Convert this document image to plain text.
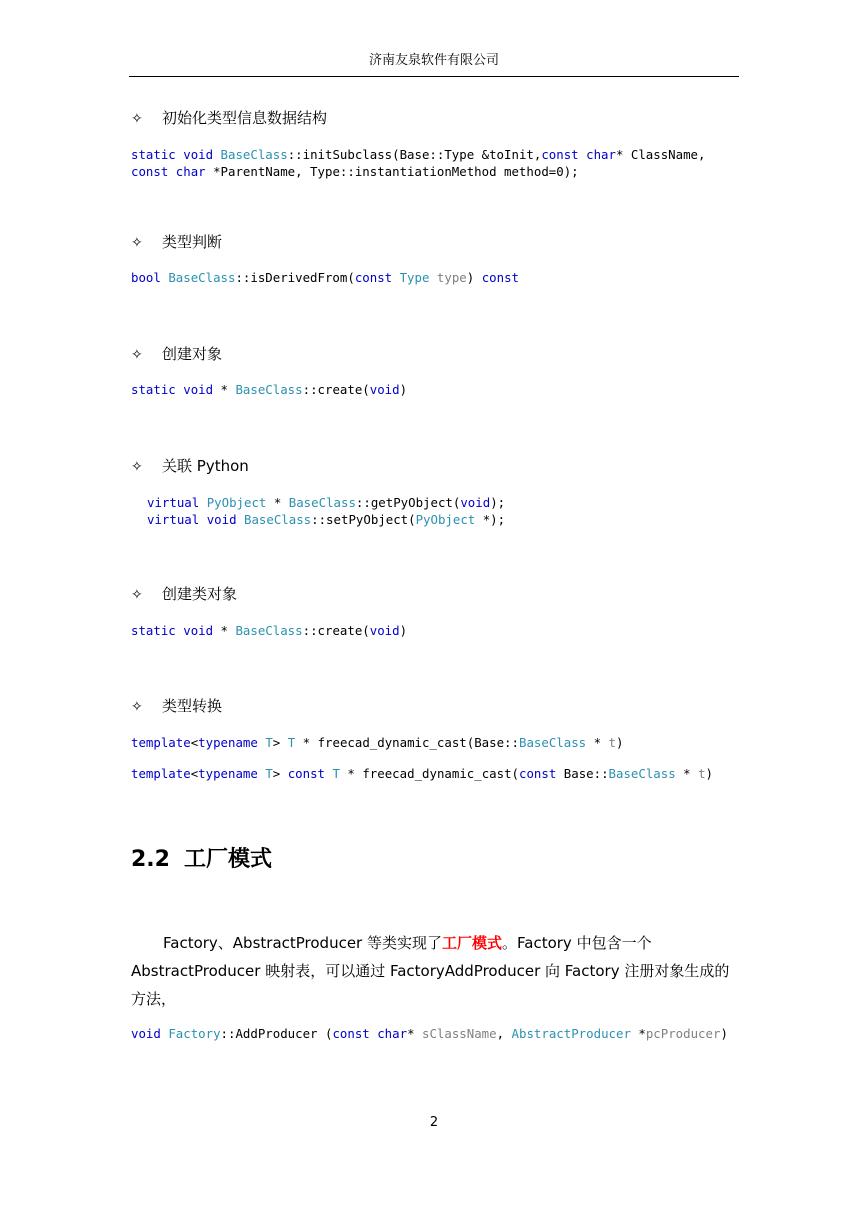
济南友泉软件有限公司
✧ 初始化类型信息数据结构
static void BaseClass::initSubclass(Base::Type &toInit,const char* ClassName,
const char *ParentName, Type::instantiationMethod method=0);
✧ 类型判断
bool BaseClass::isDerivedFrom(const Type type) const
✧ 创建对象
static void * BaseClass::create(void)
✧ 关联 Python
virtual PyObject * BaseClass::getPyObject(void);
virtual void BaseClass::setPyObject(PyObject *);
✧ 创建类对象
static void * BaseClass::create(void)
✧ 类型转换
template<typename T> T * freecad_dynamic_cast(Base::BaseClass * t)
template<typename T> const T * freecad_dynamic_cast(const Base::BaseClass * t)
2.2 工厂模式
Factory、AbstractProducer 等类实现了工厂模式。Factory 中包含一个 AbstractProducer 映射表，可以通过 FactoryAddProducer 向 Factory 注册对象生成的方法，
void Factory::AddProducer (const char* sClassName, AbstractProducer *pcProducer)
2
